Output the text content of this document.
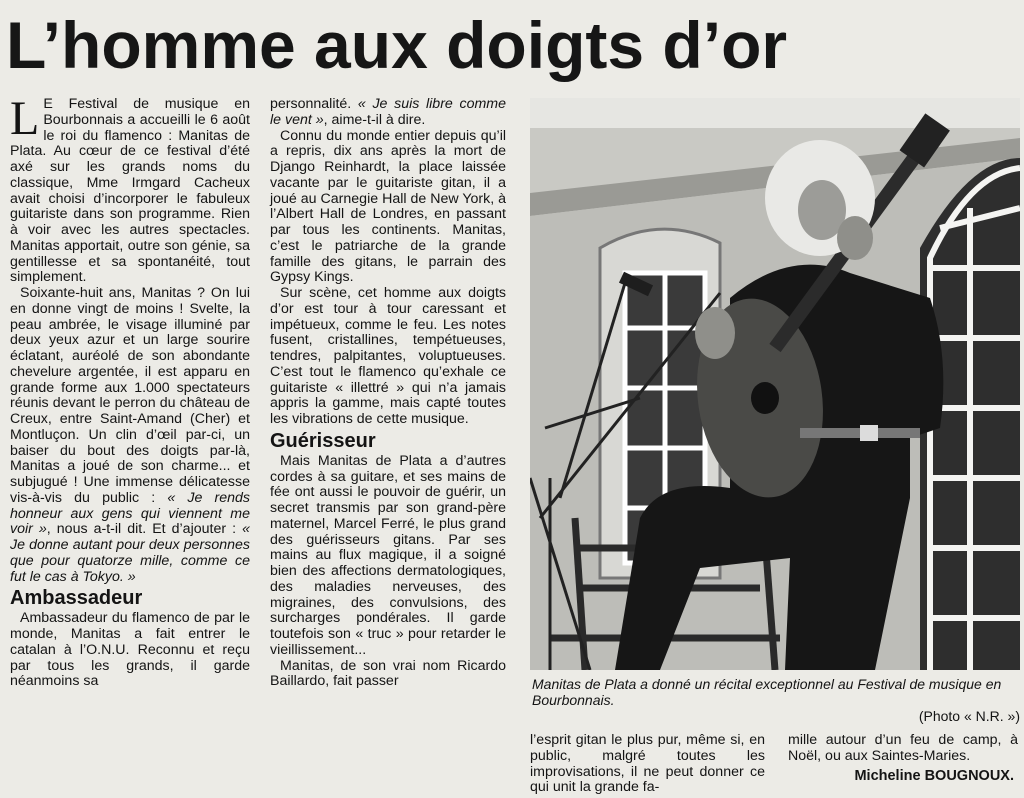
L’homme aux doigts d’or

L E Festival de musique en Bourbonnais a accueilli le 6 août le roi du flamenco : Manitas de Plata. Au cœur de ce festival d’été axé sur les grands noms du classique, Mme Irmgard Cacheux avait choisi d’incorporer le fabuleux guitariste dans son programme. Rien à voir avec les autres spectacles. Manitas apportait, outre son génie, sa gentillesse et sa spontanéité, tout simplement.

Soixante-huit ans, Manitas ? On lui en donne vingt de moins ! Svelte, la peau ambrée, le visage illuminé par deux yeux azur et un large sourire éclatant, auréolé de son abondante chevelure argentée, il est apparu en grande forme aux 1.000 spectateurs réunis devant le perron du château de Creux, entre Saint-Amand (Cher) et Montluçon. Un clin d’œil par-ci, un baiser du bout des doigts par-là, Manitas a joué de son charme... et subjugué ! Une immense délicatesse vis-à-vis du public : « Je rends honneur aux gens qui viennent me voir », nous a-t-il dit. Et d’ajouter : « Je donne autant pour deux personnes que pour quatorze mille, comme ce fut le cas à Tokyo. »

Ambassadeur

Ambassadeur du flamenco de par le monde, Manitas a fait entrer le catalan à l’O.N.U. Reconnu et reçu par tous les grands, il garde néanmoins sa

personnalité. « Je suis libre comme le vent », aime-t-il à dire.

Connu du monde entier depuis qu’il a repris, dix ans après la mort de Django Reinhardt, la place laissée vacante par le guitariste gitan, il a joué au Carnegie Hall de New York, à l’Albert Hall de Londres, en passant par tous les continents. Manitas, c’est le patriarche de la grande famille des gitans, le parrain des Gypsy Kings.

Sur scène, cet homme aux doigts d’or est tour à tour caressant et impétueux, comme le feu. Les notes fusent, cristallines, tempétueuses, tendres, palpitantes, voluptueuses. C’est tout le flamenco qu’exhale ce guitariste « illettré » qui n’a jamais appris la gamme, mais capté toutes les vibrations de cette musique.

Guérisseur

Mais Manitas de Plata a d’autres cordes à sa guitare, et ses mains de fée ont aussi le pouvoir de guérir, un secret transmis par son grand-père maternel, Marcel Ferré, le plus grand des guérisseurs gitans. Par ses mains au flux magique, il a soigné bien des affections dermatologiques, des maladies nerveuses, des migraines, des convulsions, des surcharges pondérales. Il garde toutefois son « truc » pour retarder le vieillissement...

Manitas, de son vrai nom Ricardo Baillardo, fait passer	Manitas de Plata a donné un récital exceptionnel au Festival de musique en Bourbonnais.
(Photo « N.R. »)

l’esprit gitan le plus pur, même si, en public, malgré toutes les improvisations, il ne peut donner ce qui unit la grande fa-

mille autour d’un feu de camp, à Noël, ou aux Saintes-Maries.

Micheline BOUGNOUX.
